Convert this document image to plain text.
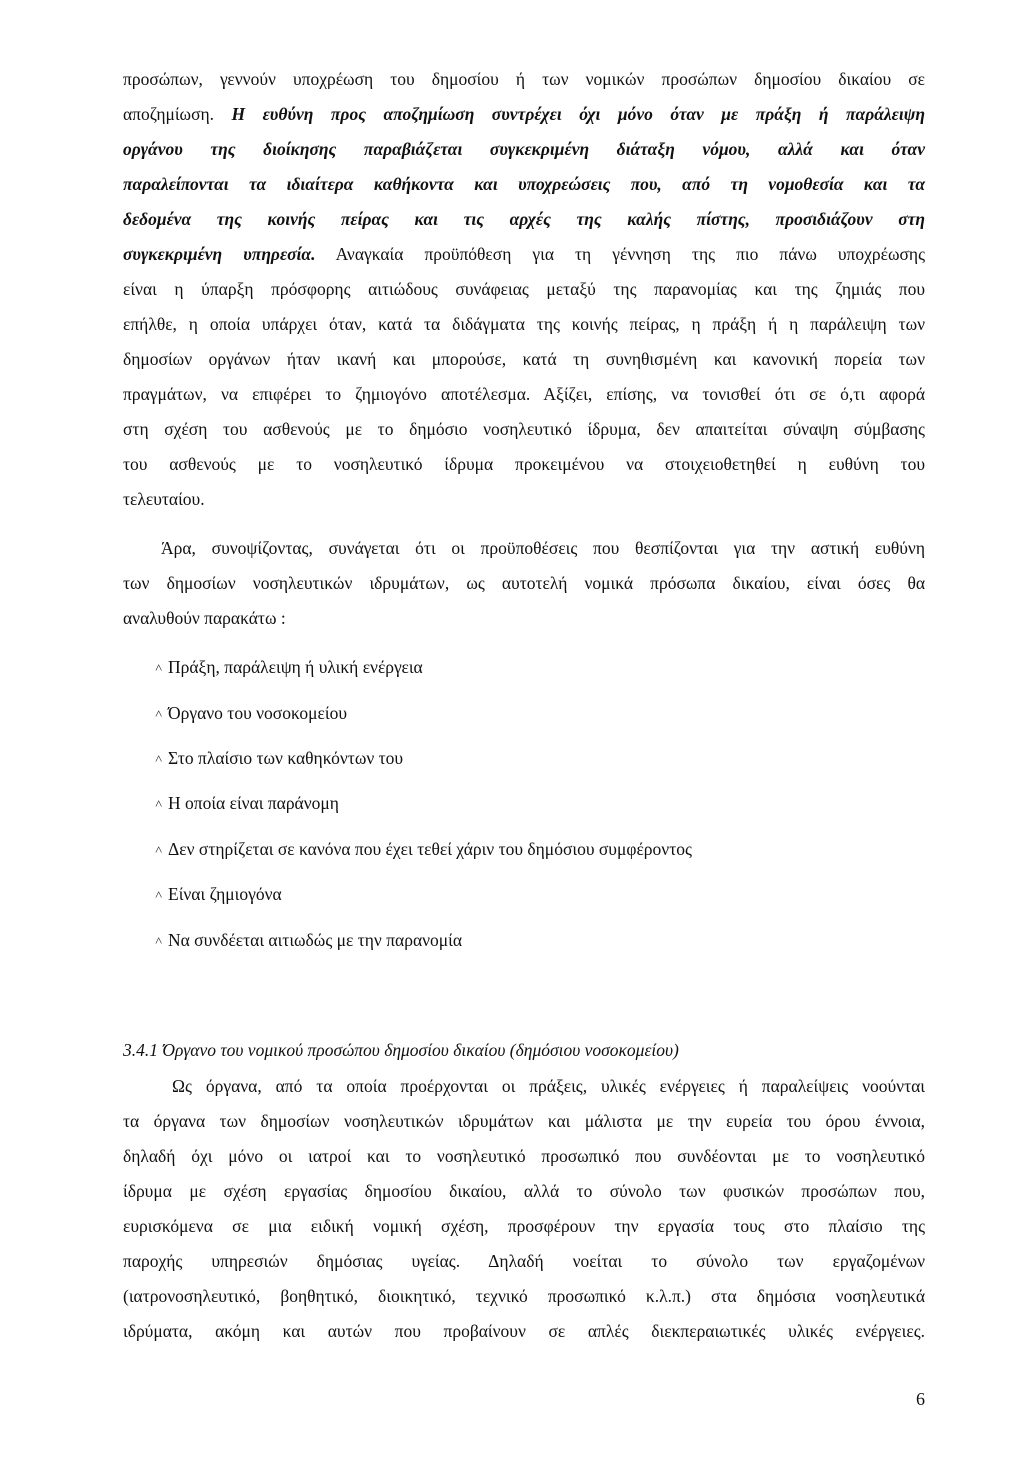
προσώπων, γεννούν υποχρέωση του δημοσίου ή των νομικών προσώπων δημοσίου δικαίου σε
αποζημίωση. Η ευθύνη προς αποζημίωση συντρέχει όχι μόνο όταν με πράξη ή παράλειψη
οργάνου της διοίκησης παραβιάζεται συγκεκριμένη διάταξη νόμου, αλλά και όταν
παραλείπονται τα ιδιαίτερα καθήκοντα και υποχρεώσεις που, από τη νομοθεσία και τα
δεδομένα της κοινής πείρας και τις αρχές της καλής πίστης, προσιδιάζουν στη
συγκεκριμένη υπηρεσία. Αναγκαία προϋπόθεση για τη γέννηση της πιο πάνω υποχρέωσης
είναι η ύπαρξη πρόσφορης αιτιώδους συνάφειας μεταξύ της παρανομίας και της ζημιάς που
επήλθε, η οποία υπάρχει όταν, κατά τα διδάγματα της κοινής πείρας, η πράξη ή η παράλειψη των
δημοσίων οργάνων ήταν ικανή και μπορούσε, κατά τη συνηθισμένη και κανονική πορεία των
πραγμάτων, να επιφέρει το ζημιογόνο αποτέλεσμα. Αξίζει, επίσης, να τονισθεί ότι σε ό,τι αφορά
στη σχέση του ασθενούς με το δημόσιο νοσηλευτικό ίδρυμα, δεν απαιτείται σύναψη σύμβασης
του ασθενούς με το νοσηλευτικό ίδρυμα προκειμένου να στοιχειοθετηθεί η ευθύνη του
τελευταίου.
Άρα, συνοψίζοντας, συνάγεται ότι οι προϋποθέσεις που θεσπίζονται για την αστική ευθύνη
των δημοσίων νοσηλευτικών ιδρυμάτων, ως αυτοτελή νομικά πρόσωπα δικαίου, είναι όσες θα
αναλυθούν παρακάτω :
˄ Πράξη, παράλειψη ή υλική ενέργεια
˄ Όργανο του νοσοκομείου
˄ Στο πλαίσιο των καθηκόντων του
˄ Η οποία είναι παράνομη
˄ Δεν στηρίζεται σε κανόνα που έχει τεθεί χάριν του δημόσιου συμφέροντος
˄ Είναι ζημιογόνα
˄ Να συνδέεται αιτιωδώς με την παρανομία
3.4.1 Όργανο του νομικού προσώπου δημοσίου δικαίου (δημόσιου νοσοκομείου)
Ως όργανα, από τα οποία προέρχονται οι πράξεις, υλικές ενέργειες ή παραλείψεις νοούνται
τα όργανα των δημοσίων νοσηλευτικών ιδρυμάτων και μάλιστα με την ευρεία του όρου έννοια,
δηλαδή όχι μόνο οι ιατροί και το νοσηλευτικό προσωπικό που συνδέονται με το νοσηλευτικό
ίδρυμα με σχέση εργασίας δημοσίου δικαίου, αλλά το σύνολο των φυσικών προσώπων που,
ευρισκόμενα σε μια ειδική νομική σχέση, προσφέρουν την εργασία τους στο πλαίσιο της
παροχής υπηρεσιών δημόσιας υγείας. Δηλαδή νοείται το σύνολο των εργαζομένων
(ιατρονοσηλευτικό, βοηθητικό, διοικητικό, τεχνικό προσωπικό κ.λ.π.) στα δημόσια νοσηλευτικά
ιδρύματα, ακόμη και αυτών που προβαίνουν σε απλές διεκπεραιωτικές υλικές ενέργειες.
6
